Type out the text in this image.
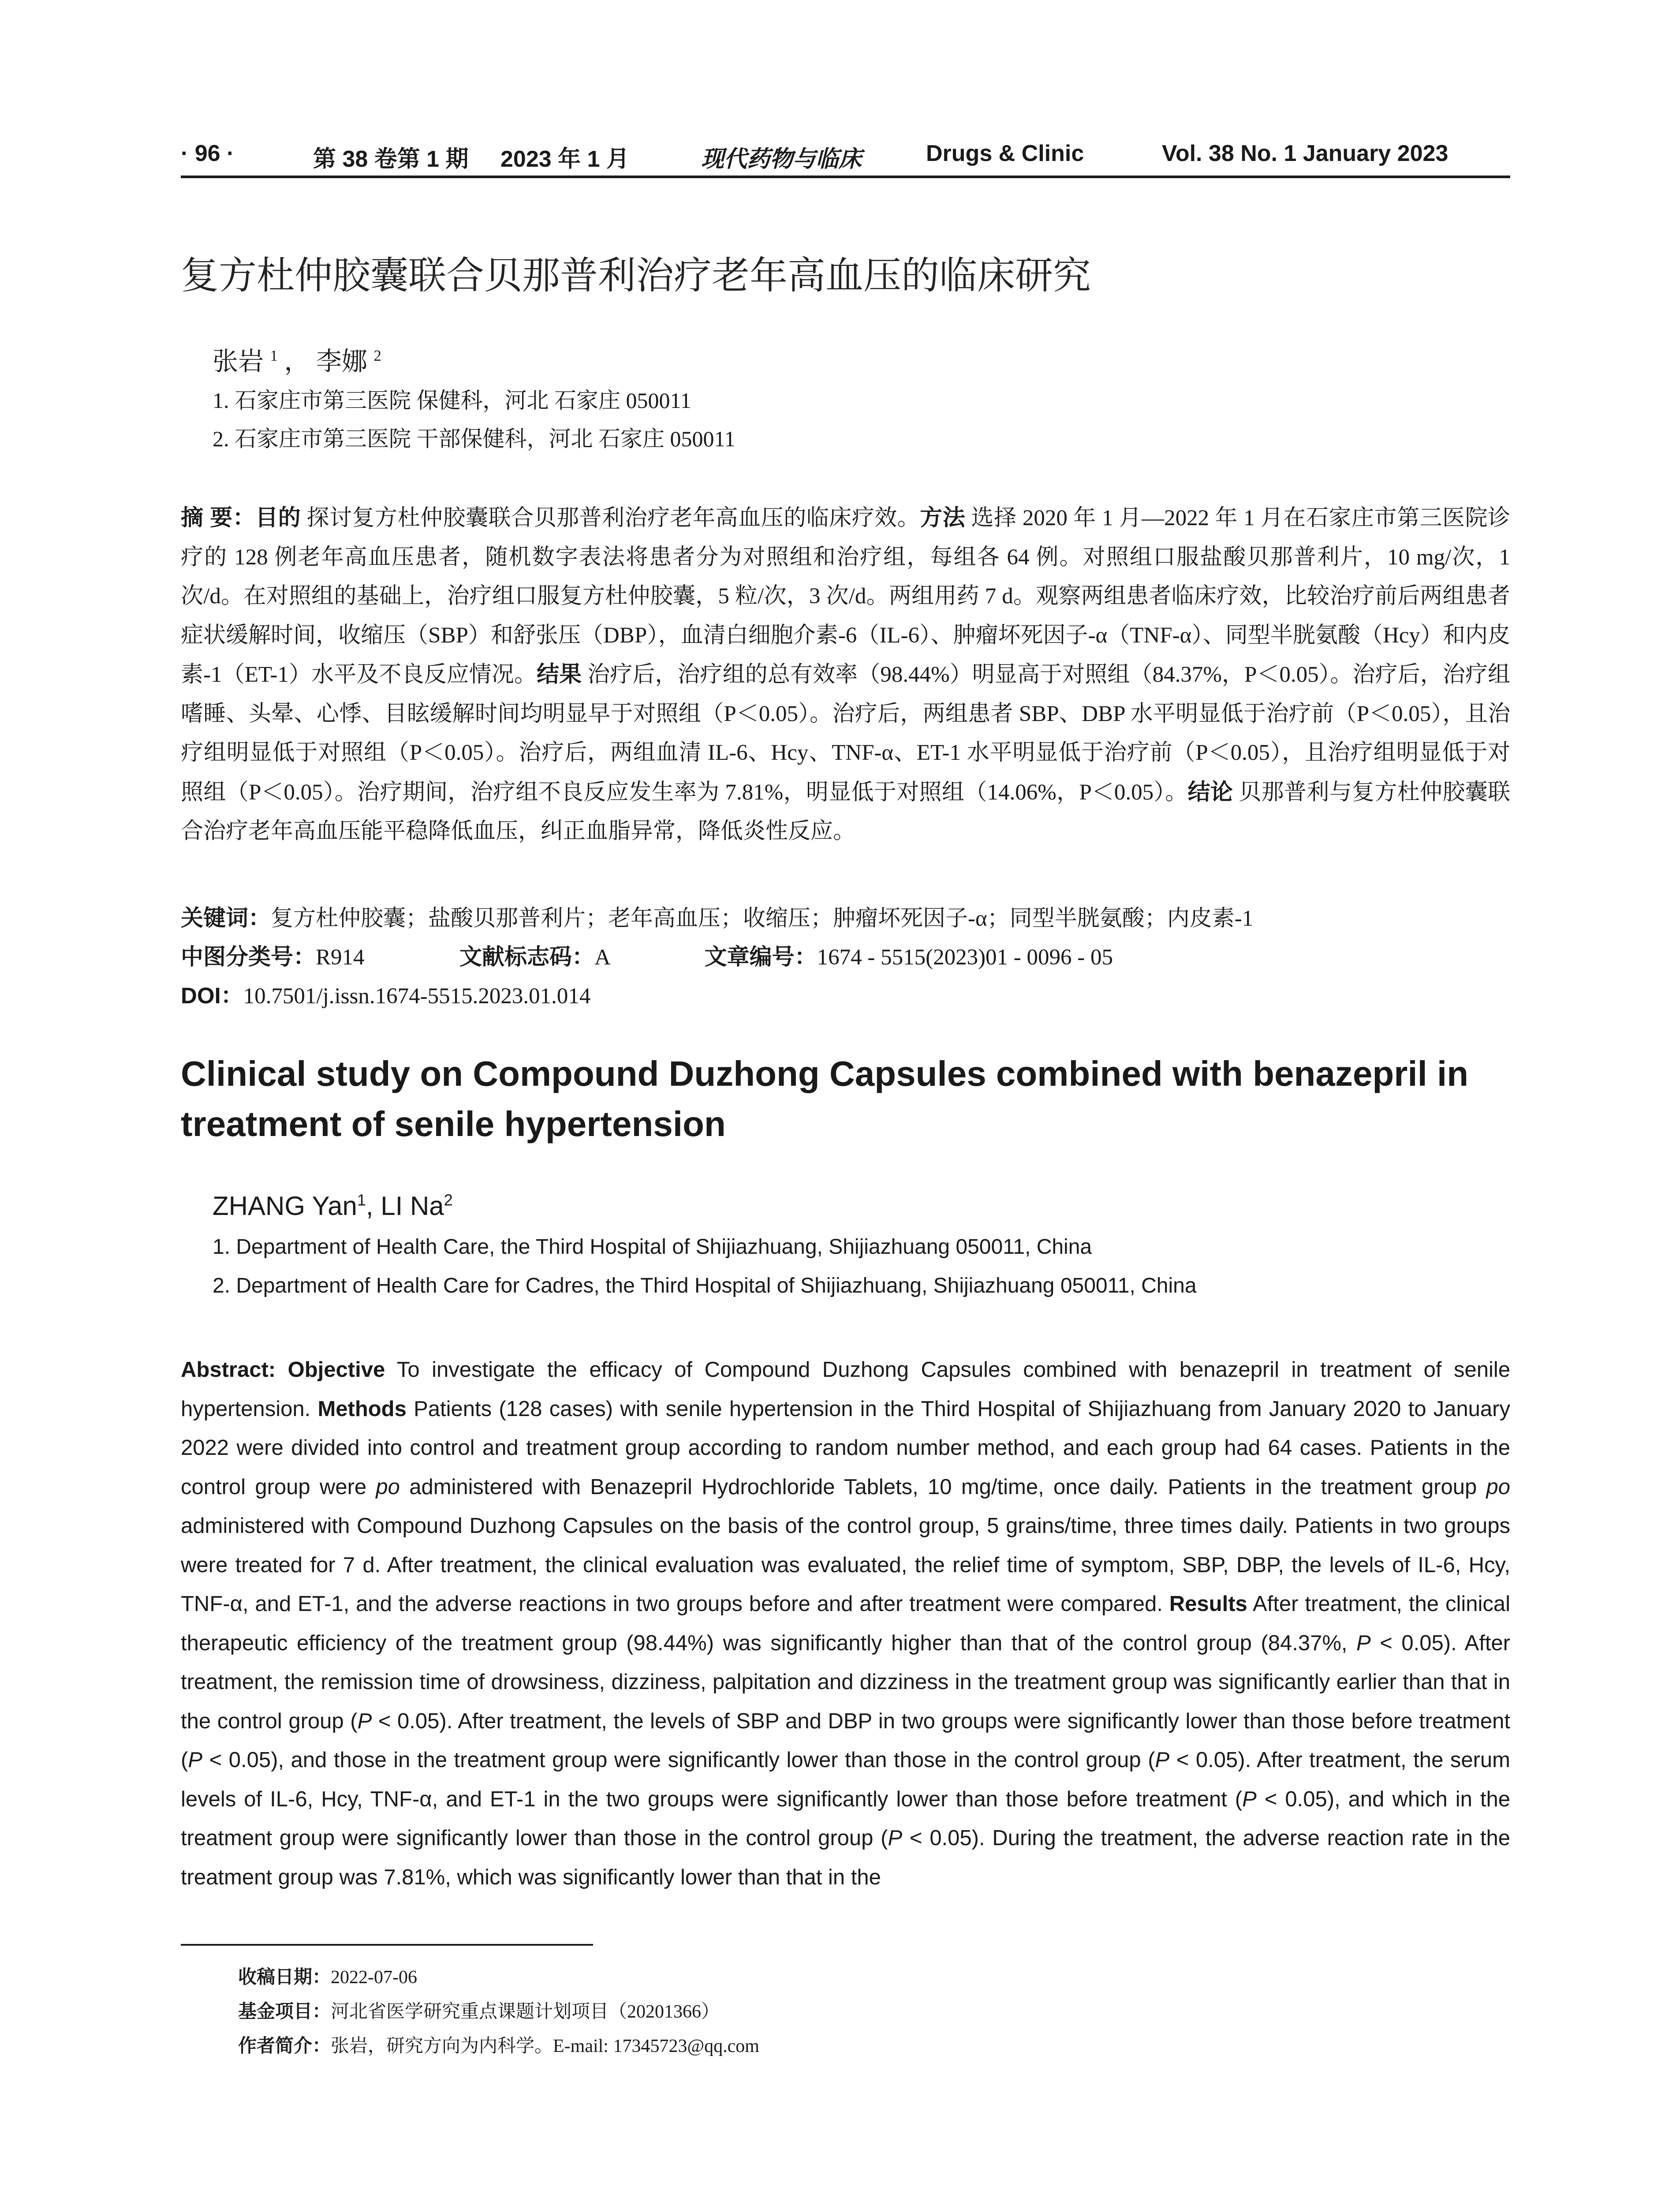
· 96 ·	第 38 卷第 1 期 2023 年 1 月	现代药物与临床	Drugs & Clinic	Vol. 38 No. 1 January 2023
复方杜仲胶囊联合贝那普利治疗老年高血压的临床研究
张岩 $^1$ ， 李娜 $^2$
1. 石家庄市第三医院 保健科，河北 石家庄 050011
2. 石家庄市第三医院 干部保健科，河北 石家庄 050011

摘 要：目的 探讨复方杜仲胶囊联合贝那普利治疗老年高血压的临床疗效。方法 选择 2020 年 1 月—2022 年 1 月在石家庄市第三医院诊疗的 128 例老年高血压患者，随机数字表法将患者分为对照组和治疗组，每组各 64 例。对照组口服盐酸贝那普利片，10 mg/次，1 次/d。在对照组的基础上，治疗组口服复方杜仲胶囊，5 粒/次，3 次/d。两组用药 7 d。观察两组患者临床疗效，比较治疗前后两组患者症状缓解时间，收缩压（SBP）和舒张压（DBP），血清白细胞介素-6（IL-6）、肿瘤坏死因子-α（TNF-α）、同型半胱氨酸（Hcy）和内皮素-1（ET-1）水平及不良反应情况。结果 治疗后，治疗组的总有效率（98.44%）明显高于对照组（84.37%，P＜0.05）。治疗后，治疗组嗜睡、头晕、心悸、目眩缓解时间均明显早于对照组（P＜0.05）。治疗后，两组患者 SBP、DBP 水平明显低于治疗前（P＜0.05），且治疗组明显低于对照组（P＜0.05）。治疗后，两组血清 IL-6、Hcy、TNF-α、ET-1 水平明显低于治疗前（P＜0.05），且治疗组明显低于对照组（P＜0.05）。治疗期间，治疗组不良反应发生率为 7.81%，明显低于对照组（14.06%，P＜0.05）。结论 贝那普利与复方杜仲胶囊联合治疗老年高血压能平稳降低血压，纠正血脂异常，降低炎性反应。

关键词：复方杜仲胶囊；盐酸贝那普利片；老年高血压；收缩压；肿瘤坏死因子-α；同型半胱氨酸；内皮素-1
中图分类号：R914	文献标志码：A	文章编号：1674 - 5515(2023)01 - 0096 - 05
DOI：10.7501/j.issn.1674-5515.2023.01.014
Clinical study on Compound Duzhong Capsules combined with benazepril in treatment of senile hypertension
ZHANG Yan$^1$, LI Na$^2$
1. Department of Health Care, the Third Hospital of Shijiazhuang, Shijiazhuang 050011, China
2. Department of Health Care for Cadres, the Third Hospital of Shijiazhuang, Shijiazhuang 050011, China

Abstract: Objective To investigate the efficacy of Compound Duzhong Capsules combined with benazepril in treatment of senile hypertension. Methods Patients (128 cases) with senile hypertension in the Third Hospital of Shijiazhuang from January 2020 to January 2022 were divided into control and treatment group according to random number method, and each group had 64 cases. Patients in the control group were po administered with Benazepril Hydrochloride Tablets, 10 mg/time, once daily. Patients in the treatment group po administered with Compound Duzhong Capsules on the basis of the control group, 5 grains/time, three times daily. Patients in two groups were treated for 7 d. After treatment, the clinical evaluation was evaluated, the relief time of symptom, SBP, DBP, the levels of IL-6, Hcy, TNF-α, and ET-1, and the adverse reactions in two groups before and after treatment were compared. Results After treatment, the clinical therapeutic efficiency of the treatment group (98.44%) was significantly higher than that of the control group (84.37%, P < 0.05). After treatment, the remission time of drowsiness, dizziness, palpitation and dizziness in the treatment group was significantly earlier than that in the control group (P < 0.05). After treatment, the levels of SBP and DBP in two groups were significantly lower than those before treatment (P < 0.05), and those in the treatment group were significantly lower than those in the control group (P < 0.05). After treatment, the serum levels of IL-6, Hcy, TNF-α, and ET-1 in the two groups were significantly lower than those before treatment (P < 0.05), and which in the treatment group were significantly lower than those in the control group (P < 0.05). During the treatment, the adverse reaction rate in the treatment group was 7.81%, which was significantly lower than that in the

收稿日期：2022-07-06
基金项目：河北省医学研究重点课题计划项目（20201366）
作者简介：张岩，研究方向为内科学。E-mail: 17345723@qq.com
